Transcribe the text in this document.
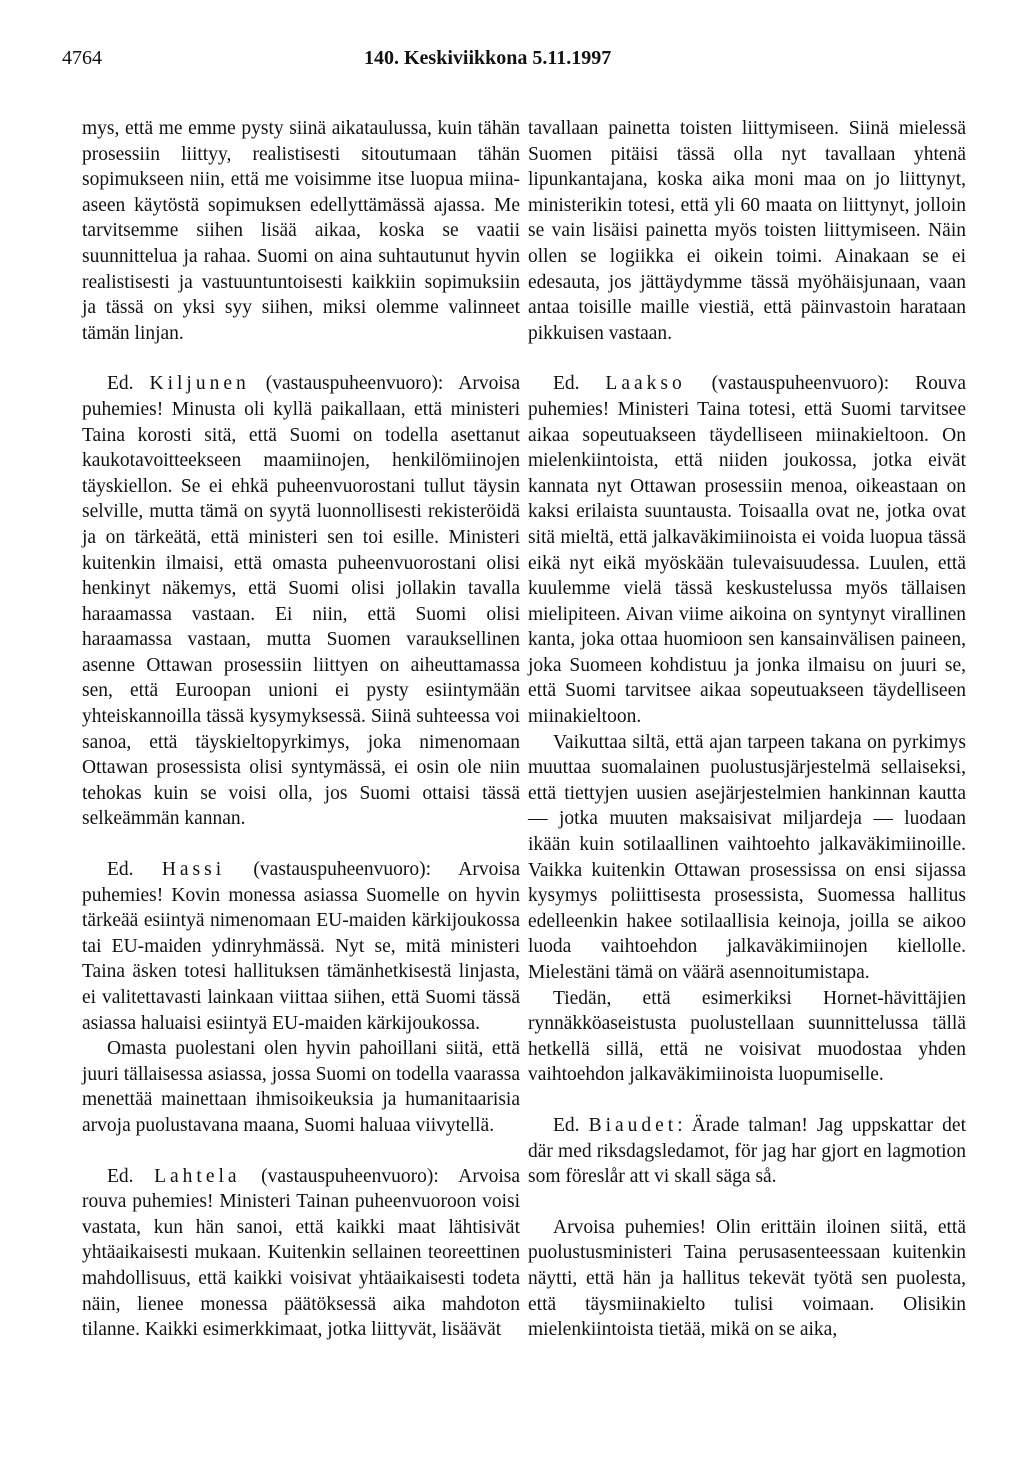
4764	140. Keskiviikkona 5.11.1997

mys, että me emme pysty siinä aikataulussa, kuin tähän prosessiin liittyy, realistisesti sitoutumaan tähän sopimukseen niin, että me voisimme itse luopua miina-aseen käytöstä sopimuksen edellyttämässä ajassa. Me tarvitsemme siihen lisää aikaa, koska se vaatii suunnittelua ja rahaa. Suomi on aina suhtautunut hyvin realistisesti ja vastuuntuntoisesti kaikkiin sopimuksiin ja tässä on yksi syy siihen, miksi olemme valinneet tämän linjan.

Ed. Kiljunen (vastauspuheenvuoro): Arvoisa puhemies! Minusta oli kyllä paikallaan, että ministeri Taina korosti sitä, että Suomi on todella asettanut kaukotavoitteekseen maamiinojen, henkilömiinojen täyskiellon. Se ei ehkä puheenvuorostani tullut täysin selville, mutta tämä on syytä luonnollisesti rekisteröidä ja on tärkeätä, että ministeri sen toi esille. Ministeri kuitenkin ilmaisi, että omasta puheenvuorostani olisi henkinyt näkemys, että Suomi olisi jollakin tavalla haraamassa vastaan. Ei niin, että Suomi olisi haraamassa vastaan, mutta Suomen varauksellinen asenne Ottawan prosessiin liittyen on aiheuttamassa sen, että Euroopan unioni ei pysty esiintymään yhteiskannoilla tässä kysymyksessä. Siinä suhteessa voi sanoa, että täyskieltopyrkimys, joka nimenomaan Ottawan prosessista olisi syntymässä, ei osin ole niin tehokas kuin se voisi olla, jos Suomi ottaisi tässä selkeämmän kannan.

Ed. Hassi (vastauspuheenvuoro): Arvoisa puhemies! Kovin monessa asiassa Suomelle on hyvin tärkeää esiintyä nimenomaan EU-maiden kärkijoukossa tai EU-maiden ydinryhmässä. Nyt se, mitä ministeri Taina äsken totesi hallituksen tämänhetkisestä linjasta, ei valitettavasti lainkaan viittaa siihen, että Suomi tässä asiassa haluaisi esiintyä EU-maiden kärkijoukossa.

Omasta puolestani olen hyvin pahoillani siitä, että juuri tällaisessa asiassa, jossa Suomi on todella vaarassa menettää mainettaan ihmisoikeuksia ja humanitaarisia arvoja puolustavana maana, Suomi haluaa viivytellä.

Ed. Lahtela (vastauspuheenvuoro): Arvoisa rouva puhemies! Ministeri Tainan puheenvuoroon voisi vastata, kun hän sanoi, että kaikki maat lähtisivät yhtäaikaisesti mukaan. Kuitenkin sellainen teoreettinen mahdollisuus, että kaikki voisivat yhtäaikaisesti todeta näin, lienee monessa päätöksessä aika mahdoton tilanne. Kaikki esimerkkimaat, jotka liittyvät, lisäävät

tavallaan painetta toisten liittymiseen. Siinä mielessä Suomen pitäisi tässä olla nyt tavallaan yhtenä lipunkantajana, koska aika moni maa on jo liittynyt, ministerikin totesi, että yli 60 maata on liittynyt, jolloin se vain lisäisi painetta myös toisten liittymiseen. Näin ollen se logiikka ei oikein toimi. Ainakaan se ei edesauta, jos jättäydymme tässä myöhäisjunaan, vaan antaa toisille maille viestiä, että päinvastoin harataan pikkuisen vastaan.

Ed. Laakso (vastauspuheenvuoro): Rouva puhemies! Ministeri Taina totesi, että Suomi tarvitsee aikaa sopeutuakseen täydelliseen miinakieltoon. On mielenkiintoista, että niiden joukossa, jotka eivät kannata nyt Ottawan prosessiin menoa, oikeastaan on kaksi erilaista suuntausta. Toisaalla ovat ne, jotka ovat sitä mieltä, että jalkaväkimiinoista ei voida luopua tässä eikä nyt eikä myöskään tulevaisuudessa. Luulen, että kuulemme vielä tässä keskustelussa myös tällaisen mielipiteen. Aivan viime aikoina on syntynyt virallinen kanta, joka ottaa huomioon sen kansainvälisen paineen, joka Suomeen kohdistuu ja jonka ilmaisu on juuri se, että Suomi tarvitsee aikaa sopeutuakseen täydelliseen miinakieltoon.

Vaikuttaa siltä, että ajan tarpeen takana on pyrkimys muuttaa suomalainen puolustusjärjestelmä sellaiseksi, että tiettyjen uusien asejärjestelmien hankinnan kautta — jotka muuten maksaisivat miljardeja — luodaan ikään kuin sotilaallinen vaihtoehto jalkaväkimiinoille. Vaikka kuitenkin Ottawan prosessissa on ensi sijassa kysymys poliittisesta prosessista, Suomessa hallitus edelleenkin hakee sotilaallisia keinoja, joilla se aikoo luoda vaihtoehdon jalkaväkimiinojen kiellolle. Mielestäni tämä on väärä asennoitumistapa.

Tiedän, että esimerkiksi Hornet-hävittäjien rynnäkköaseistusta puolustellaan suunnittelussa tällä hetkellä sillä, että ne voisivat muodostaa yhden vaihtoehdon jalkaväkimiinoista luopumiselle.

Ed. Biaudet: Ärade talman! Jag uppskattar det där med riksdagsledamot, för jag har gjort en lagmotion som föreslår att vi skall säga så.

Arvoisa puhemies! Olin erittäin iloinen siitä, että puolustusministeri Taina perusasenteessaan kuitenkin näytti, että hän ja hallitus tekevät työtä sen puolesta, että täysmiinakielto tulisi voimaan. Olisikin mielenkiintoista tietää, mikä on se aika,
